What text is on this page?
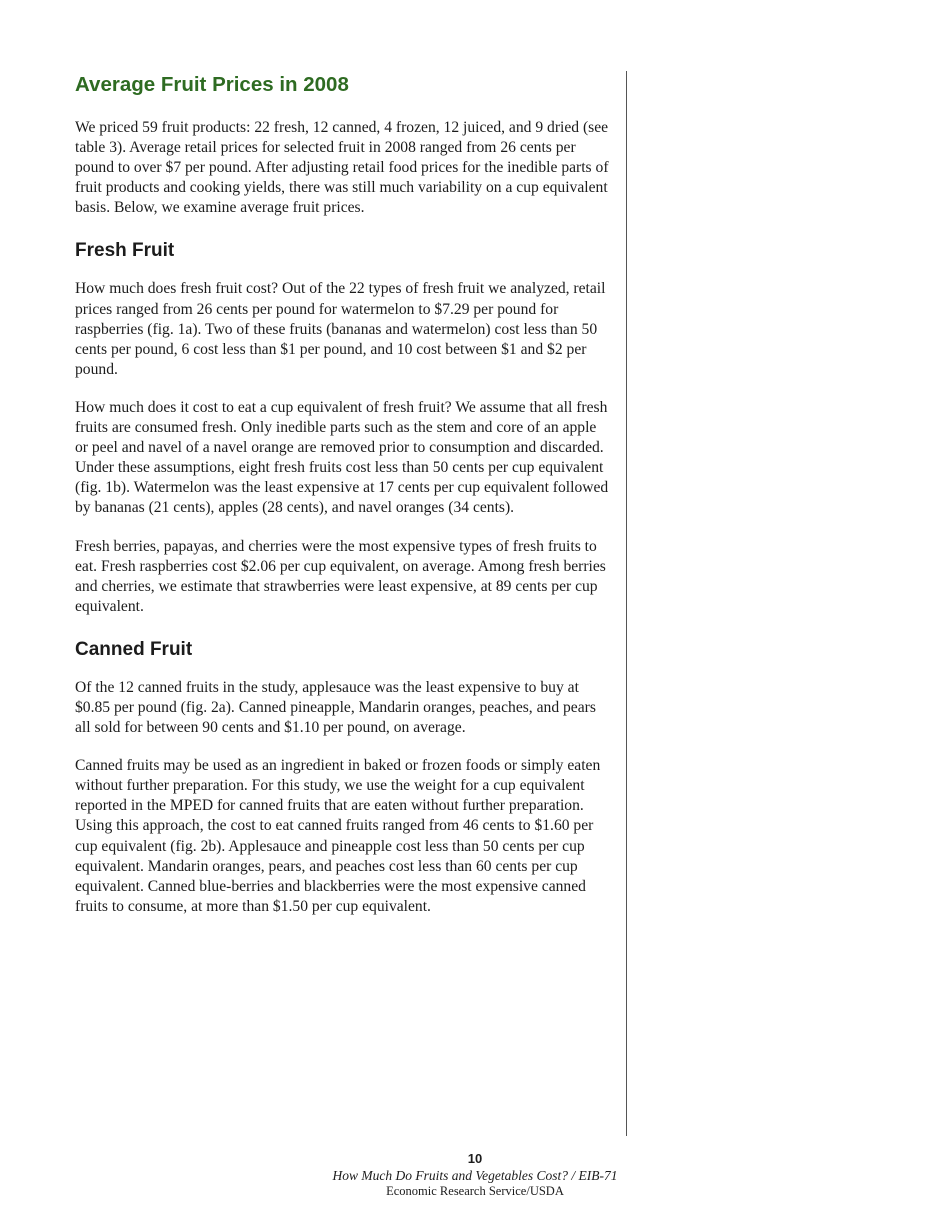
Average Fruit Prices in 2008

We priced 59 fruit products: 22 fresh, 12 canned, 4 frozen, 12 juiced, and 9 dried (see table 3). Average retail prices for selected fruit in 2008 ranged from 26 cents per pound to over $7 per pound. After adjusting retail food prices for the inedible parts of fruit products and cooking yields, there was still much variability on a cup equivalent basis. Below, we examine average fruit prices.

Fresh Fruit

How much does fresh fruit cost? Out of the 22 types of fresh fruit we analyzed, retail prices ranged from 26 cents per pound for watermelon to $7.29 per pound for raspberries (fig. 1a). Two of these fruits (bananas and watermelon) cost less than 50 cents per pound, 6 cost less than $1 per pound, and 10 cost between $1 and $2 per pound.

How much does it cost to eat a cup equivalent of fresh fruit? We assume that all fresh fruits are consumed fresh. Only inedible parts such as the stem and core of an apple or peel and navel of a navel orange are removed prior to consumption and discarded. Under these assumptions, eight fresh fruits cost less than 50 cents per cup equivalent (fig. 1b). Watermelon was the least expensive at 17 cents per cup equivalent followed by bananas (21 cents), apples (28 cents), and navel oranges (34 cents).

Fresh berries, papayas, and cherries were the most expensive types of fresh fruits to eat. Fresh raspberries cost $2.06 per cup equivalent, on average. Among fresh berries and cherries, we estimate that strawberries were least expensive, at 89 cents per cup equivalent.

Canned Fruit

Of the 12 canned fruits in the study, applesauce was the least expensive to buy at $0.85 per pound (fig. 2a). Canned pineapple, Mandarin oranges, peaches, and pears all sold for between 90 cents and $1.10 per pound, on average.

Canned fruits may be used as an ingredient in baked or frozen foods or simply eaten without further preparation. For this study, we use the weight for a cup equivalent reported in the MPED for canned fruits that are eaten without further preparation. Using this approach, the cost to eat canned fruits ranged from 46 cents to $1.60 per cup equivalent (fig. 2b). Applesauce and pineapple cost less than 50 cents per cup equivalent. Mandarin oranges, pears, and peaches cost less than 60 cents per cup equivalent. Canned blue-berries and blackberries were the most expensive canned fruits to consume, at more than $1.50 per cup equivalent.

10
How Much Do Fruits and Vegetables Cost? / EIB-71
Economic Research Service/USDA
